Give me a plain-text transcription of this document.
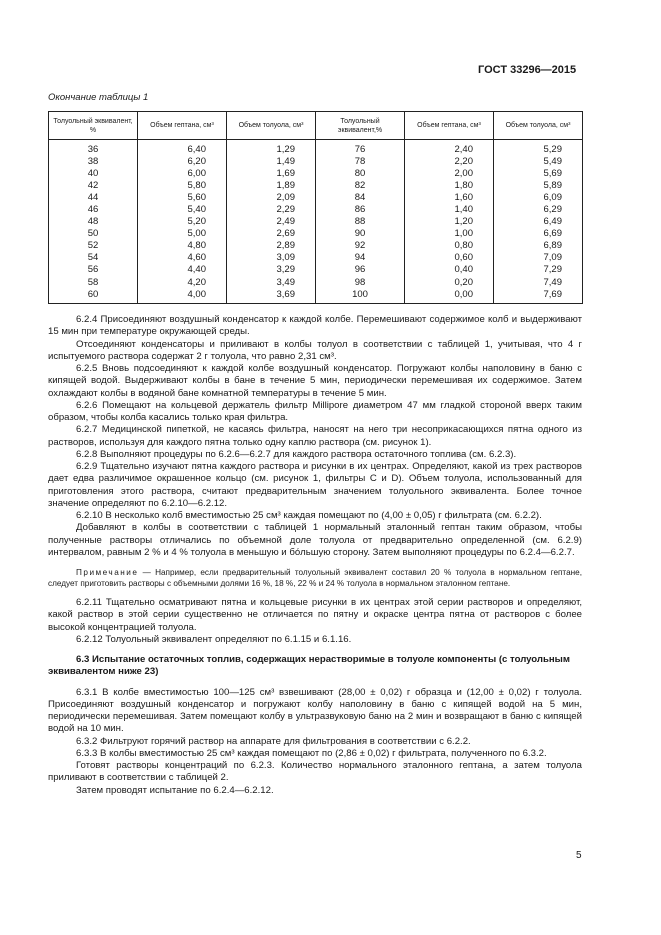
ГОСТ 33296—2015
Окончание таблицы 1
Толуольный эквивалент, %	Объем гептана, см³	Объем толуола, см³	Толуольный эквивалент,%	Объем гептана, см³	Объем толуола, см³
36	6,40	1,29	76	2,40	5,29
38	6,20	1,49	78	2,20	5,49
40	6,00	1,69	80	2,00	5,69
42	5,80	1,89	82	1,80	5,89
44	5,60	2,09	84	1,60	6,09
46	5,40	2,29	86	1,40	6,29
48	5,20	2,49	88	1,20	6,49
50	5,00	2,69	90	1,00	6,69
52	4,80	2,89	92	0,80	6,89
54	4,60	3,09	94	0,60	7,09
56	4,40	3,29	96	0,40	7,29
58	4,20	3,49	98	0,20	7,49
60	4,00	3,69	100	0,00	7,69

6.2.4 Присоединяют воздушный конденсатор к каждой колбе. Перемешивают содержимое колб и выдерживают 15 мин при температуре окружающей среды.

Отсоединяют конденсаторы и приливают в колбы толуол в соответствии с таблицей 1, учитывая, что 4 г испытуемого раствора содержат 2 г толуола, что равно 2,31 см³.

6.2.5 Вновь подсоединяют к каждой колбе воздушный конденсатор. Погружают колбы наполовину в баню с кипящей водой. Выдерживают колбы в бане в течение 5 мин, периодически перемешивая их содержимое. Затем охлаждают колбы в водяной бане комнатной температуры в течение 5 мин.

6.2.6 Помещают на кольцевой держатель фильтр Millipore диаметром 47 мм гладкой стороной вверх таким образом, чтобы колба касались только края фильтра.

6.2.7 Медицинской пипеткой, не касаясь фильтра, наносят на него три несоприкасающихся пятна одного из растворов, используя для каждого пятна только одну каплю раствора (см. рисунок 1).

6.2.8 Выполняют процедуры по 6.2.6—6.2.7 для каждого раствора остаточного топлива (см. 6.2.3).

6.2.9 Тщательно изучают пятна каждого раствора и рисунки в их центрах. Определяют, какой из трех растворов дает едва различимое окрашенное кольцо (см. рисунок 1, фильтры С и D). Объем толуола, использованный для приготовления этого раствора, считают предварительным значением толуольного эквивалента. Более точное значение определяют по 6.2.10—6.2.12.

6.2.10 В несколько колб вместимостью 25 см³ каждая помещают по (4,00 ± 0,05) г фильтрата (см. 6.2.2).

Добавляют в колбы в соответствии с таблицей 1 нормальный эталонный гептан таким образом, чтобы полученные растворы отличались по объемной доле толуола от предварительно определенной (см. 6.2.9) интервалом, равным 2 % и 4 % толуола в меньшую и бо́льшую сторону. Затем выполняют процедуры по 6.2.4—6.2.7.

Примечание — Например, если предварительный толуольный эквивалент составил 20 % толуола в нормальном гептане, следует приготовить растворы с объемными долями 16 %, 18 %, 22 % и 24 % толуола в нормальном эталонном гептане.

6.2.11 Тщательно осматривают пятна и кольцевые рисунки в их центрах этой серии растворов и определяют, какой раствор в этой серии существенно не отличается по пятну и окраске центра пятна от растворов с более высокой концентрацией толуола.

6.2.12 Толуольный эквивалент определяют по 6.1.15 и 6.1.16.

6.3 Испытание остаточных топлив, содержащих нерастворимые в толуоле компоненты (с толуольным эквивалентом ниже 23)

6.3.1 В колбе вместимостью 100—125 см³ взвешивают (28,00 ± 0,02) г образца и (12,00 ± 0,02) г толуола. Присоединяют воздушный конденсатор и погружают колбу наполовину в баню с кипящей водой на 5 мин, периодически перемешивая. Затем помещают колбу в ультразвуковую баню на 2 мин и возвращают в баню с кипящей водой на 10 мин.

6.3.2 Фильтруют горячий раствор на аппарате для фильтрования в соответствии с 6.2.2.

6.3.3 В колбы вместимостью 25 см³ каждая помещают по (2,86 ± 0,02) г фильтрата, полученного по 6.3.2.

Готовят растворы концентраций по 6.2.3. Количество нормального эталонного гептана, а затем толуола приливают в соответствии с таблицей 2.

Затем проводят испытание по 6.2.4—6.2.12.

5
